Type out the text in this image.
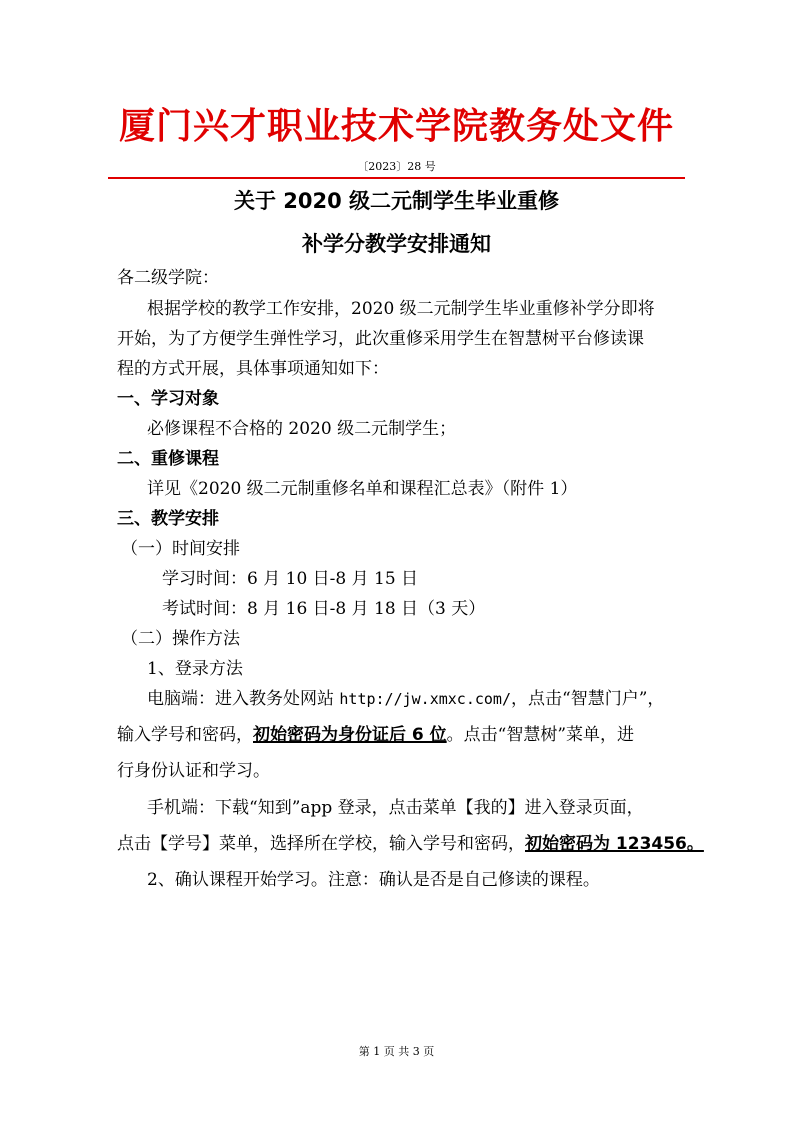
厦门兴才职业技术学院教务处文件
〔2023〕28 号
关于 2020 级二元制学生毕业重修
补学分教学安排通知
各二级学院：
根据学校的教学工作安排，2020 级二元制学生毕业重修补学分即将
开始，为了方便学生弹性学习，此次重修采用学生在智慧树平台修读课
程的方式开展，具体事项通知如下：
一、学习对象
必修课程不合格的 2020 级二元制学生；
二、重修课程
详见《2020 级二元制重修名单和课程汇总表》（附件 1）
三、教学安排
（一）时间安排
学习时间：6 月 10 日-8 月 15 日
考试时间：8 月 16 日-8 月 18 日（3 天）
（二）操作方法
1、登录方法
电脑端：进入教务处网站 http://jw.xmxc.com/，点击“智慧门户”，
输入学号和密码，初始密码为身份证后 6 位。点击“智慧树”菜单，进
行身份认证和学习。
手机端：下载“知到”app 登录，点击菜单【我的】进入登录页面，
点击【学号】菜单，选择所在学校，输入学号和密码，初始密码为 123456。
2、确认课程开始学习。注意：确认是否是自己修读的课程。
第 1 页 共 3 页
